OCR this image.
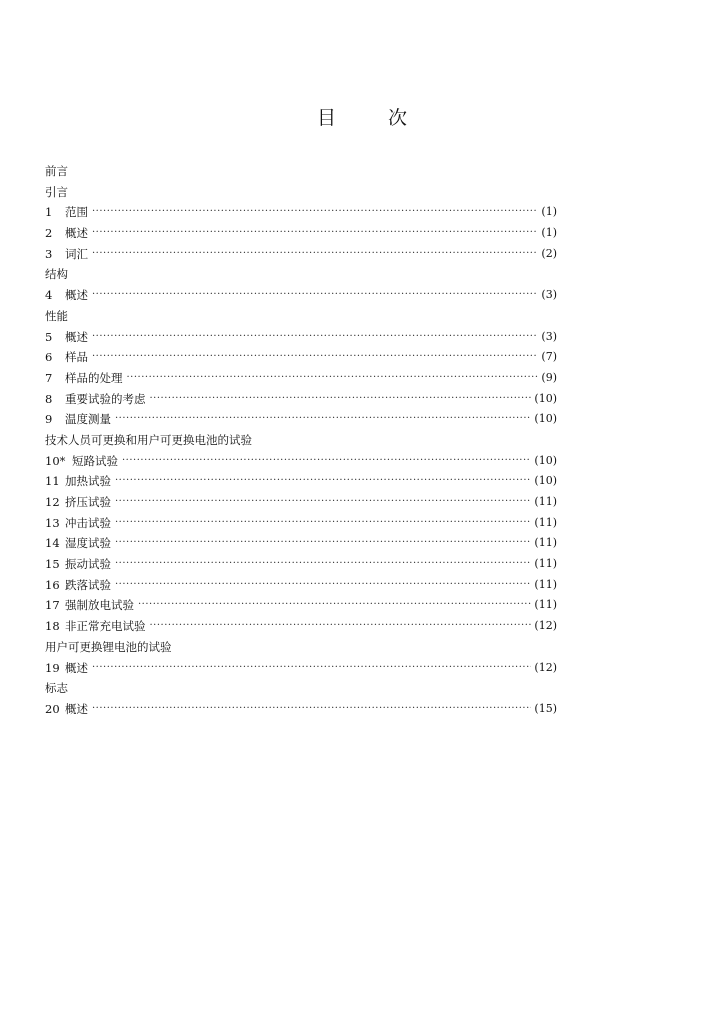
目	次
前言
引言
1	范围 ·····	(1)
2	概述 ·····	(1)
3	词汇 ·····	(2)
结构
4	概述 ·····	(3)
性能
5	概述 ·····	(3)
6	样品 ·····	(7)
7	样品的处理 ·····	(9)
8	重要试验的考虑 ·····	(10)
9	温度测量 ·····	(10)
技术人员可更换和用户可更换电池的试验
10* 短路试验 ·····	(10)
11 加热试验 ·····	(10)
12 挤压试验 ·····	(11)
13 冲击试验 ·····	(11)
14 湿度试验 ·····	(11)
15 振动试验 ·····	(11)
16 跌落试验 ·····	(11)
17 强制放电试验 ·····	(11)
18 非正常充电试验 ·····	(12)
用户可更换锂电池的试验
19 概述 ·····	(12)
标志
20 概述 ·····	(15)
